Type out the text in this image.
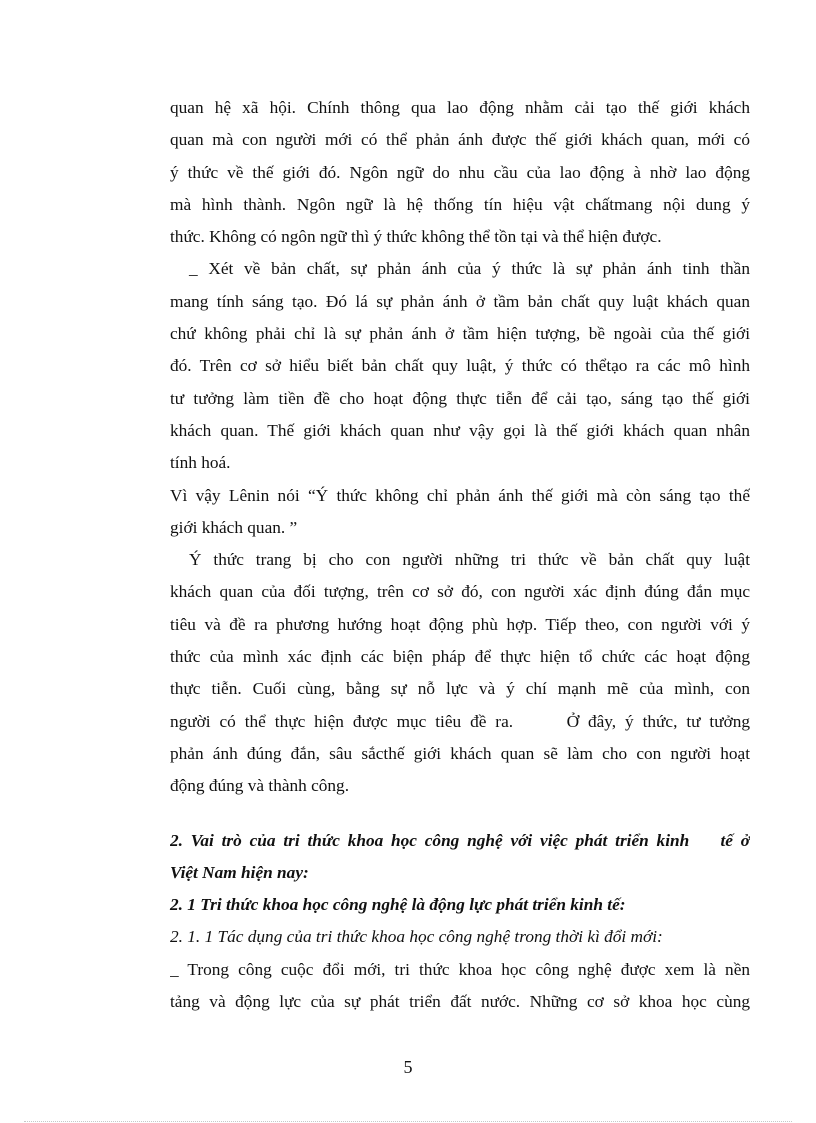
quan hệ xã hội. Chính thông qua lao động nhằm cải tạo thế giới khách
quan mà con người mới có thể phản ánh được thế giới khách quan, mới có
ý thức về thế giới đó. Ngôn ngữ do nhu cầu của lao động à nhờ lao động
mà hình thành. Ngôn ngữ là hệ thống tín hiệu vật chấtmang nội dung ý
thức. Không có ngôn ngữ thì ý thức không thể tồn tại và thể hiện được.
_ Xét về bản chất, sự phản ánh của ý thức là sự phản ánh tinh thần
mang tính sáng tạo. Đó lá sự phản ánh ở tầm bản chất quy luật khách quan
chứ không phải chỉ là sự phản ánh ở tầm hiện tượng, bề ngoài của thế giới
đó. Trên cơ sở hiểu biết bản chất quy luật, ý thức có thểtạo ra các mô hình
tư tưởng làm tiền đề cho hoạt động thực tiễn để cải tạo, sáng tạo thế giới
khách quan. Thế giới khách quan như vậy gọi là thế giới khách quan nhân
tính hoá.
Vì vậy Lênin nói “Ý thức không chỉ phản ánh thế giới mà còn sáng tạo thế
giới khách quan. ”
Ý thức trang bị cho con người những tri thức về bản chất quy luật
khách quan của đối tượng, trên cơ sở đó, con người xác định đúng đắn mục
tiêu và đề ra phương hướng hoạt động phù hợp. Tiếp theo, con người với ý
thức của mình xác định các biện pháp để thực hiện tổ chức các hoạt động
thực tiễn. Cuối cùng, bằng sự nỗ lực và ý chí mạnh mẽ của mình, con
người có thể thực hiện được mục tiêu đề ra.      Ở đây, ý thức, tư tưởng
phản ánh đúng đắn, sâu sắcthế giới khách quan sẽ làm cho con người hoạt
động đúng và thành công.
2. Vai trò của tri thức khoa học công nghệ với việc phát triển kinh    tế ở
Việt Nam hiện nay:
2. 1 Tri thức khoa học công nghệ là động lực phát triển kinh tế:
2. 1. 1 Tác dụng của tri thức khoa học công nghệ trong thời kì đổi mới:
_ Trong công cuộc đổi mới, tri thức khoa học công nghệ được xem là nền
tảng và động lực của sự phát triển đất nước. Những cơ sở khoa học cùng
5
